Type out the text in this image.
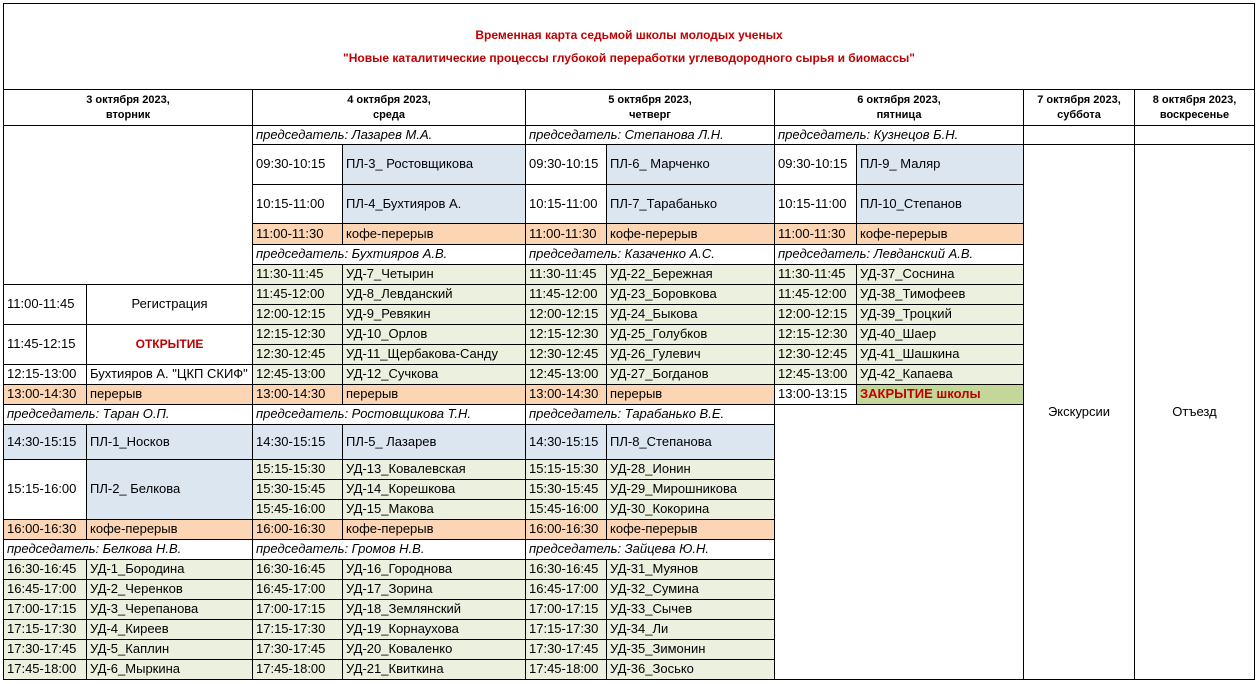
Временная карта седьмой школы молодых ученых
"Новые каталитические процессы глубокой переработки углеводородного сырья и биомассы"
3 октября 2023,
вторник
4 октября 2023,
среда
5 октября 2023,
четверг
6 октября 2023,
пятница
7 октября 2023,
суббота
8 октября 2023,
воскресенье
11:00-11:45	Регистрация
11:45-12:15	ОТКРЫТИЕ
12:15-13:00 Бухтияров А. "ЦКП СКИФ"
13:00-14:30 перерыв
председатель: Таран О.П.
14:30-15:15 ПЛ-1_Носков
15:15-16:00 ПЛ-2_ Белкова
16:00-16:30 кофе-перерыв
председатель: Белкова Н.В.
16:30-16:45 УД-1_Бородина
16:45-17:00 УД-2_Черенков
17:00-17:15 УД-3_Черепанова
17:15-17:30 УД-4_Киреев
17:30-17:45 УД-5_Каплин
17:45-18:00 УД-6_Мыркина
председатель: Лазарев М.А.
09:30-10:15 ПЛ-3_ Ростовщикова
10:15-11:00 ПЛ-4_Бухтияров А.
11:00-11:30 кофе-перерыв
председатель: Бухтияров А.В.
11:30-11:45 УД-7_Четырин
11:45-12:00 УД-8_Левданский
12:00-12:15 УД-9_Ревякин
12:15-12:30 УД-10_Орлов
12:30-12:45 УД-11_Щербакова-Санду
12:45-13:00 УД-12_Сучкова
13:00-14:30 перерыв
председатель: Ростовщикова Т.Н.
14:30-15:15 ПЛ-5_ Лазарев
15:15-15:30 УД-13_Ковалевская
15:30-15:45 УД-14_Корешкова
15:45-16:00 УД-15_Макова
16:00-16:30 кофе-перерыв
председатель: Громов Н.В.
16:30-16:45 УД-16_Городнова
16:45-17:00 УД-17_Зорина
17:00-17:15 УД-18_Землянский
17:15-17:30 УД-19_Корнаухова
17:30-17:45 УД-20_Коваленко
17:45-18:00 УД-21_Квиткина
председатель: Степанова Л.Н.
09:30-10:15 ПЛ-6_ Марченко
10:15-11:00 ПЛ-7_Тарабанько
11:00-11:30 кофе-перерыв
председатель: Казаченко А.С.
11:30-11:45 УД-22_Бережная
11:45-12:00 УД-23_Боровкова
12:00-12:15 УД-24_Быкова
12:15-12:30 УД-25_Голубков
12:30-12:45 УД-26_Гулевич
12:45-13:00 УД-27_Богданов
13:00-14:30 перерыв
председатель: Тарабанько В.Е.
14:30-15:15 ПЛ-8_Степанова
15:15-15:30 УД-28_Ионин
15:30-15:45 УД-29_Мирошникова
15:45-16:00 УД-30_Кокорина
16:00-16:30 кофе-перерыв
председатель: Зайцева Ю.Н.
16:30-16:45 УД-31_Муянов
16:45-17:00 УД-32_Сумина
17:00-17:15 УД-33_Сычев
17:15-17:30 УД-34_Ли
17:30-17:45 УД-35_Зимонин
17:45-18:00 УД-36_Зосько
председатель: Кузнецов Б.Н.
09:30-10:15 ПЛ-9_ Маляр
10:15-11:00 ПЛ-10_Степанов
11:00-11:30 кофе-перерыв
председатель: Левданский А.В.
11:30-11:45 УД-37_Соснина
11:45-12:00 УД-38_Тимофеев
12:00-12:15 УД-39_Троцкий
12:15-12:30 УД-40_Шаер
12:30-12:45 УД-41_Шашкина
12:45-13:00 УД-42_Капаева
13:00-13:15 ЗАКРЫТИЕ школы
Экскурсии	Отъезд
